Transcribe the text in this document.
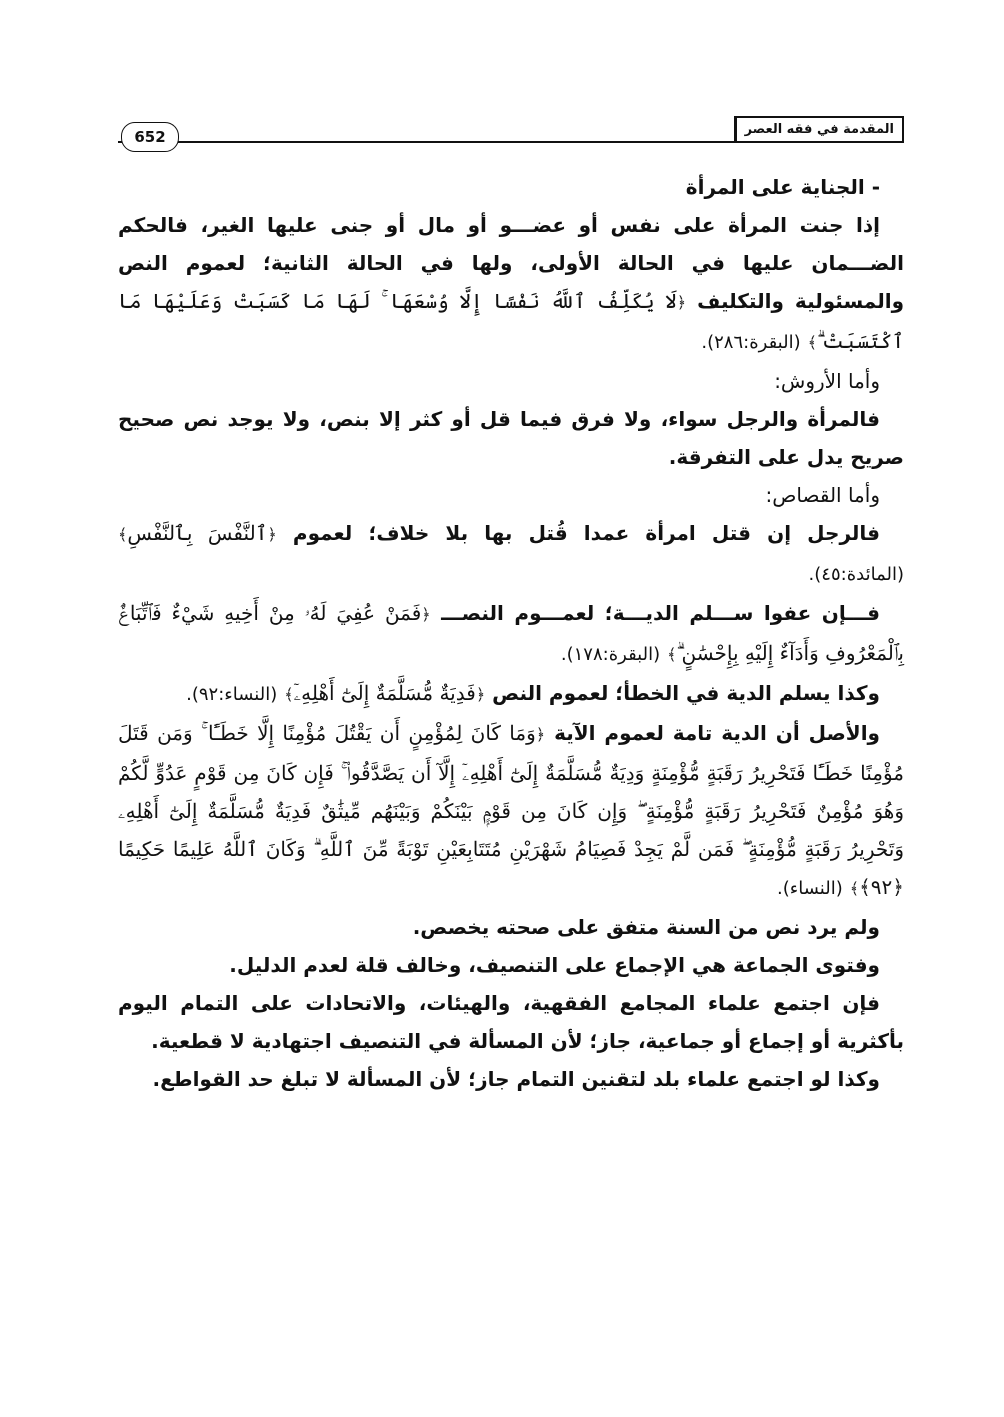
المقدمة في فقه العصر
652

- الجناية على المرأة

إذا جنت المرأة على نفس أو عضـــو أو مال أو جنى عليها الغير، فالحكم الضـــمان عليها في الحالة الأولى، ولها في الحالة الثانية؛ لعموم النص والمسئولية والتكليف ﴿لَا يُكَلِّفُ ٱللَّهُ نَفْسًا إِلَّا وُسْعَهَا ۚ لَهَا مَا كَسَبَتْ وَعَلَيْهَا مَا ٱكْتَسَبَتْ ۗ﴾ (البقرة:٢٨٦).

وأما الأروش:

فالمرأة والرجل سواء، ولا فرق فيما قل أو كثر إلا بنص، ولا يوجد نص صحيح صريح يدل على التفرقة.

وأما القصاص:

فالرجل إن قتل امرأة عمدا قُتل بها بلا خلاف؛ لعموم ﴿ٱلنَّفْسَ بِٱلنَّفْسِ﴾ (المائدة:٤٥).

فـــإن عفوا ســـلم الديـــة؛ لعمـــوم النصـــ ﴿فَمَنْ عُفِيَ لَهُۥ مِنْ أَخِيهِ شَيْءٌ فَٱتِّبَاعٌۢ بِٱلْمَعْرُوفِ وَأَدَآءٌ إِلَيْهِ بِإِحْسَٰنٍ ۗ﴾ (البقرة:١٧٨).

وكذا يسلم الدية في الخطأ؛ لعموم النص ﴿فَدِيَةٌ مُّسَلَّمَةٌ إِلَىٰٓ أَهْلِهِۦٓ﴾ (النساء:٩٢).

والأصل أن الدية تامة لعموم الآية ﴿وَمَا كَانَ لِمُؤْمِنٍ أَن يَقْتُلَ مُؤْمِنًا إِلَّا خَطَـًٔا ۚ وَمَن قَتَلَ مُؤْمِنًا خَطَـًٔا فَتَحْرِيرُ رَقَبَةٍ مُّؤْمِنَةٍ وَدِيَةٌ مُّسَلَّمَةٌ إِلَىٰٓ أَهْلِهِۦٓ إِلَّآ أَن يَصَّدَّقُوا۟ ۚ فَإِن كَانَ مِن قَوْمٍ عَدُوٍّ لَّكُمْ وَهُوَ مُؤْمِنٌ فَتَحْرِيرُ رَقَبَةٍ مُّؤْمِنَةٍ ۖ وَإِن كَانَ مِن قَوْمٍۭ بَيْنَكُمْ وَبَيْنَهُم مِّيثَٰقٌ فَدِيَةٌ مُّسَلَّمَةٌ إِلَىٰٓ أَهْلِهِۦ وَتَحْرِيرُ رَقَبَةٍ مُّؤْمِنَةٍ ۖ فَمَن لَّمْ يَجِدْ فَصِيَامُ شَهْرَيْنِ مُتَتَابِعَيْنِ تَوْبَةً مِّنَ ٱللَّهِ ۗ وَكَانَ ٱللَّهُ عَلِيمًا حَكِيمًا ﴿٩٢﴾﴾ (النساء).

ولم يرد نص من السنة متفق على صحته يخصص.

وفتوى الجماعة هي الإجماع على التنصيف، وخالف قلة لعدم الدليل.

فإن اجتمع علماء المجامع الفقهية، والهيئات، والاتحادات على التمام اليوم بأكثرية أو إجماع أو جماعية، جاز؛ لأن المسألة في التنصيف اجتهادية لا قطعية.

وكذا لو اجتمع علماء بلد لتقنين التمام جاز؛ لأن المسألة لا تبلغ حد القواطع.
